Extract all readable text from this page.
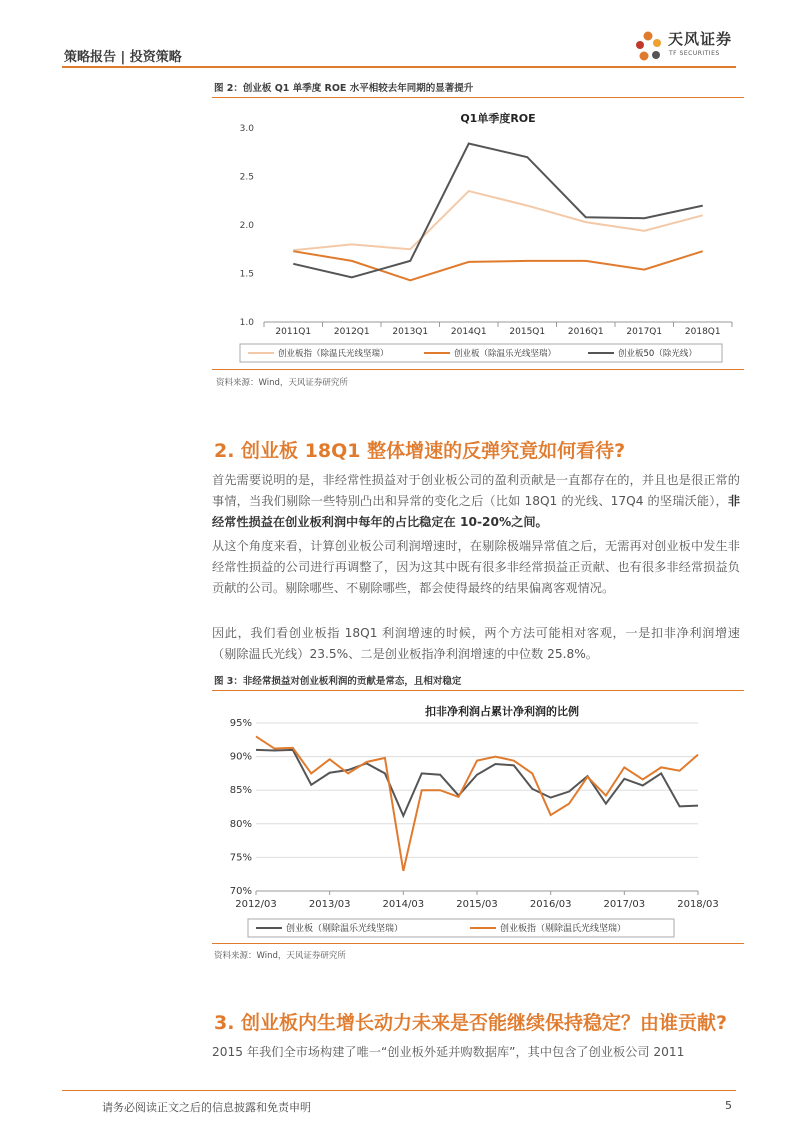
策略报告 | 投资策略
天风证券
TF SECURITIES
图 2：创业板 Q1 单季度 ROE 水平相较去年同期的显著提升
Q1单季度ROE
3.0
2.5
2.0
1.5
1.0
2011Q1	2012Q1	2013Q1	2014Q1	2015Q1	2016Q1	2017Q1	2018Q1
创业板指（除温氏光线坚瑞）	创业板（除温乐光线坚瑞）	创业板50（除光线）
资料来源：Wind，天风证券研究所
2. 创业板 18Q1 整体增速的反弹究竟如何看待?
首先需要说明的是，非经常性损益对于创业板公司的盈利贡献是一直都存在的，并且也是很正常的事情，当我们剔除一些特别凸出和异常的变化之后（比如 18Q1 的光线、17Q4 的坚瑞沃能），非经常性损益在创业板利润中每年的占比稳定在 10-20%之间。
从这个角度来看，计算创业板公司利润增速时，在剔除极端异常值之后，无需再对创业板中发生非经常性损益的公司进行再调整了，因为这其中既有很多非经常损益正贡献、也有很多非经常损益负贡献的公司。剔除哪些、不剔除哪些，都会使得最终的结果偏离客观情况。
因此，我们看创业板指 18Q1 利润增速的时候，两个方法可能相对客观，一是扣非净利润增速（剔除温氏光线）23.5%、二是创业板指净利润增速的中位数 25.8%。
图 3：非经常损益对创业板利润的贡献是常态，且相对稳定
扣非净利润占累计净利润的比例
95%
90%
85%
80%
75%
70%
2012/03	2013/03	2014/03	2015/03	2016/03	2017/03	2018/03
创业板（剔除温乐光线坚瑞）	创业板指（剔除温氏光线坚瑞）
资料来源：Wind，天风证券研究所
3. 创业板内生增长动力未来是否能继续保持稳定？由谁贡献?
2015 年我们全市场构建了唯一“创业板外延并购数据库”，其中包含了创业板公司 2011
请务必阅读正文之后的信息披露和免责申明	5
